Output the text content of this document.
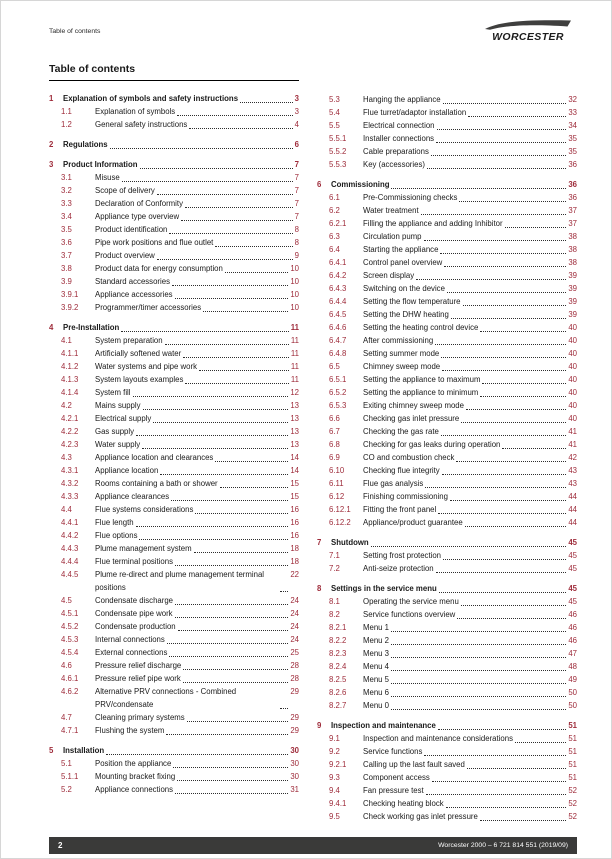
Table of contents	WORCESTER
Table of contents
1	Explanation of symbols and safety instructions	3
1.1	Explanation of symbols	3
1.2	General safety instructions	4
2	Regulations	6
3	Product Information	7
3.1	Misuse	7
3.2	Scope of delivery	7
3.3	Declaration of Conformity	7
3.4	Appliance type overview	7
3.5	Product identification	8
3.6	Pipe work positions and flue outlet	8
3.7	Product overview	9
3.8	Product data for energy consumption	10
3.9	Standard accessories	10
3.9.1	Appliance accessories	10
3.9.2	Programmer/timer accessories	10
4	Pre-Installation	11
4.1	System preparation	11
4.1.1	Artificially softened water	11
4.1.2	Water systems and pipe work	11
4.1.3	System layouts examples	11
4.1.4	System fill	12
4.2	Mains supply	13
4.2.1	Electrical supply	13
4.2.2	Gas supply	13
4.2.3	Water supply	13
4.3	Appliance location and clearances	14
4.3.1	Appliance location	14
4.3.2	Rooms containing a bath or shower	15
4.3.3	Appliance clearances	15
4.4	Flue systems considerations	16
4.4.1	Flue length	16
4.4.2	Flue options	16
4.4.3	Plume management system	18
4.4.4	Flue terminal positions	18
4.4.5	Plume re-direct and plume management terminal positions
22
4.5	Condensate discharge	24
4.5.1	Condensate pipe work	24
4.5.2	Condensate production	24
4.5.3	Internal connections	24
4.5.4	External connections	25
4.6	Pressure relief discharge	28
4.6.1	Pressure relief pipe work	28
4.6.2	Alternative PRV connections - Combined PRV/condensate
29
4.7	Cleaning primary systems	29
4.7.1	Flushing the system	29
5	Installation	30
5.1	Position the appliance	30
5.1.1	Mounting bracket fixing	30
5.2	Appliance connections	31
5.3	Hanging the appliance	32
5.4	Flue turret/adaptor installation	33
5.5	Electrical connection	34
5.5.1	Installer connections	35
5.5.2	Cable preparations	35
5.5.3	Key (accessories)	36
6	Commissioning	36
6.1	Pre-Commissioning checks	36
6.2	Water treatment	37
6.2.1	Filling the appliance and adding Inhibitor	37
6.3	Circulation pump	38
6.4	Starting the appliance	38
6.4.1	Control panel overview	38
6.4.2	Screen display	39
6.4.3	Switching on the device	39
6.4.4	Setting the flow temperature	39
6.4.5	Setting the DHW heating	39
6.4.6	Setting the heating control device	40
6.4.7	After commissioning	40
6.4.8	Setting summer mode	40
6.5	Chimney sweep mode	40
6.5.1	Setting the appliance to maximum	40
6.5.2	Setting the appliance to minimum	40
6.5.3	Exiting chimney sweep mode	40
6.6	Checking gas inlet pressure	40
6.7	Checking the gas rate	41
6.8	Checking for gas leaks during operation	41
6.9	CO and combustion check	42
6.10	Checking flue integrity	43
6.11	Flue gas analysis	43
6.12	Finishing commissioning	44
6.12.1	Fitting the front panel	44
6.12.2	Appliance/product guarantee	44
7	Shutdown	45
7.1	Setting frost protection	45
7.2	Anti-seize protection	45
8	Settings in the service menu	45
8.1	Operating the service menu	45
8.2	Service functions overview	46
8.2.1	Menu 1	46
8.2.2	Menu 2	46
8.2.3	Menu 3	47
8.2.4	Menu 4	48
8.2.5	Menu 5	49
8.2.6	Menu 6	50
8.2.7	Menu 0	50
9	Inspection and maintenance	51
9.1	Inspection and maintenance considerations	51
9.2	Service functions	51
9.2.1	Calling up the last fault saved	51
9.3	Component access	51
9.4	Fan pressure test	52
9.4.1	Checking heating block	52
9.5	Check working gas inlet pressure	52
2	Worcester 2000 – 6 721 814 551 (2019/09)
